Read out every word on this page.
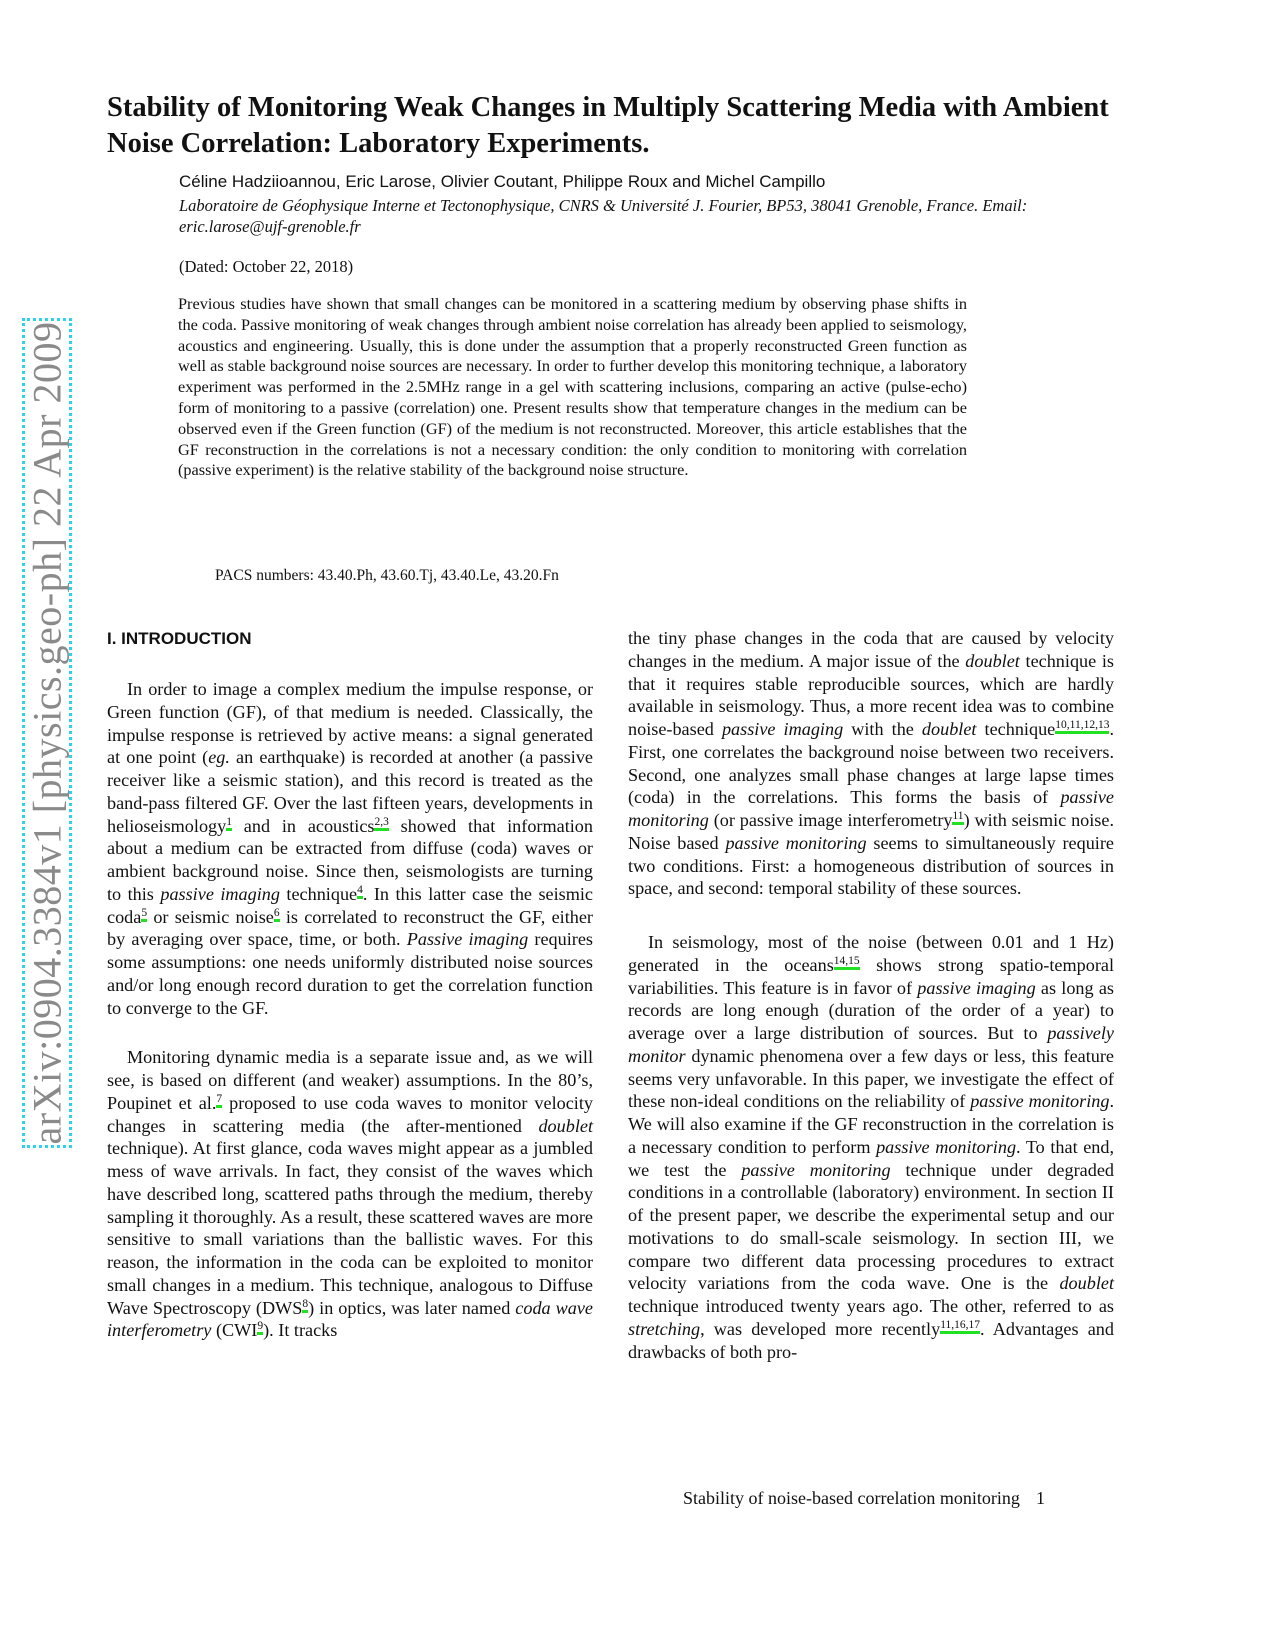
arXiv:0904.3384v1 [physics.geo-ph] 22 Apr 2009
Stability of Monitoring Weak Changes in Multiply Scattering Media with Ambient Noise Correlation: Laboratory Experiments.
Céline Hadziioannou, Eric Larose, Olivier Coutant, Philippe Roux and Michel Campillo
Laboratoire de Géophysique Interne et Tectonophysique, CNRS & Université J. Fourier, BP53, 38041 Grenoble, France. Email: eric.larose@ujf-grenoble.fr
(Dated: October 22, 2018)
Previous studies have shown that small changes can be monitored in a scattering medium by observing phase shifts in the coda. Passive monitoring of weak changes through ambient noise correlation has already been applied to seismology, acoustics and engineering. Usually, this is done under the assumption that a properly reconstructed Green function as well as stable background noise sources are necessary. In order to further develop this monitoring technique, a laboratory experiment was performed in the 2.5MHz range in a gel with scattering inclusions, comparing an active (pulse-echo) form of monitoring to a passive (correlation) one. Present results show that temperature changes in the medium can be observed even if the Green function (GF) of the medium is not reconstructed. Moreover, this article establishes that the GF reconstruction in the correlations is not a necessary condition: the only condition to monitoring with correlation (passive experiment) is the relative stability of the background noise structure.
PACS numbers: 43.40.Ph, 43.60.Tj, 43.40.Le, 43.20.Fn
I. INTRODUCTION

In order to image a complex medium the impulse response, or Green function (GF), of that medium is needed. Classically, the impulse response is retrieved by active means: a signal generated at one point (eg. an earthquake) is recorded at another (a passive receiver like a seismic station), and this record is treated as the band-pass filtered GF. Over the last fifteen years, developments in helioseismology$^1$ and in acoustics$^{2,3}$ showed that information about a medium can be extracted from diffuse (coda) waves or ambient background noise. Since then, seismologists are turning to this passive imaging technique$^4$. In this latter case the seismic coda$^5$ or seismic noise$^6$ is correlated to reconstruct the GF, either by averaging over space, time, or both. Passive imaging requires some assumptions: one needs uniformly distributed noise sources and/or long enough record duration to get the correlation function to converge to the GF.

Monitoring dynamic media is a separate issue and, as we will see, is based on different (and weaker) assumptions. In the 80’s, Poupinet et al.$^7$ proposed to use coda waves to monitor velocity changes in scattering media (the after-mentioned doublet technique). At first glance, coda waves might appear as a jumbled mess of wave arrivals. In fact, they consist of the waves which have described long, scattered paths through the medium, thereby sampling it thoroughly. As a result, these scattered waves are more sensitive to small variations than the ballistic waves. For this reason, the information in the coda can be exploited to monitor small changes in a medium. This technique, analogous to Diffuse Wave Spectroscopy (DWS$^8$) in optics, was later named coda wave interferometry (CWI$^9$). It tracks

the tiny phase changes in the coda that are caused by velocity changes in the medium. A major issue of the doublet technique is that it requires stable reproducible sources, which are hardly available in seismology. Thus, a more recent idea was to combine noise-based passive imaging with the doublet technique$^{10,11,12,13}$. First, one correlates the background noise between two receivers. Second, one analyzes small phase changes at large lapse times (coda) in the correlations. This forms the basis of passive monitoring (or passive image interferometry$^{11}$) with seismic noise. Noise based passive monitoring seems to simultaneously require two conditions. First: a homogeneous distribution of sources in space, and second: temporal stability of these sources.

In seismology, most of the noise (between 0.01 and 1 Hz) generated in the oceans$^{14,15}$ shows strong spatio-temporal variabilities. This feature is in favor of passive imaging as long as records are long enough (duration of the order of a year) to average over a large distribution of sources. But to passively monitor dynamic phenomena over a few days or less, this feature seems very unfavorable. In this paper, we investigate the effect of these non-ideal conditions on the reliability of passive monitoring. We will also examine if the GF reconstruction in the correlation is a necessary condition to perform passive monitoring. To that end, we test the passive monitoring technique under degraded conditions in a controllable (laboratory) environment. In section II of the present paper, we describe the experimental setup and our motivations to do small-scale seismology. In section III, we compare two different data processing procedures to extract velocity variations from the coda wave. One is the doublet technique introduced twenty years ago. The other, referred to as stretching, was developed more recently$^{11,16,17}$. Advantages and drawbacks of both pro-

Stability of noise-based correlation monitoring 1
